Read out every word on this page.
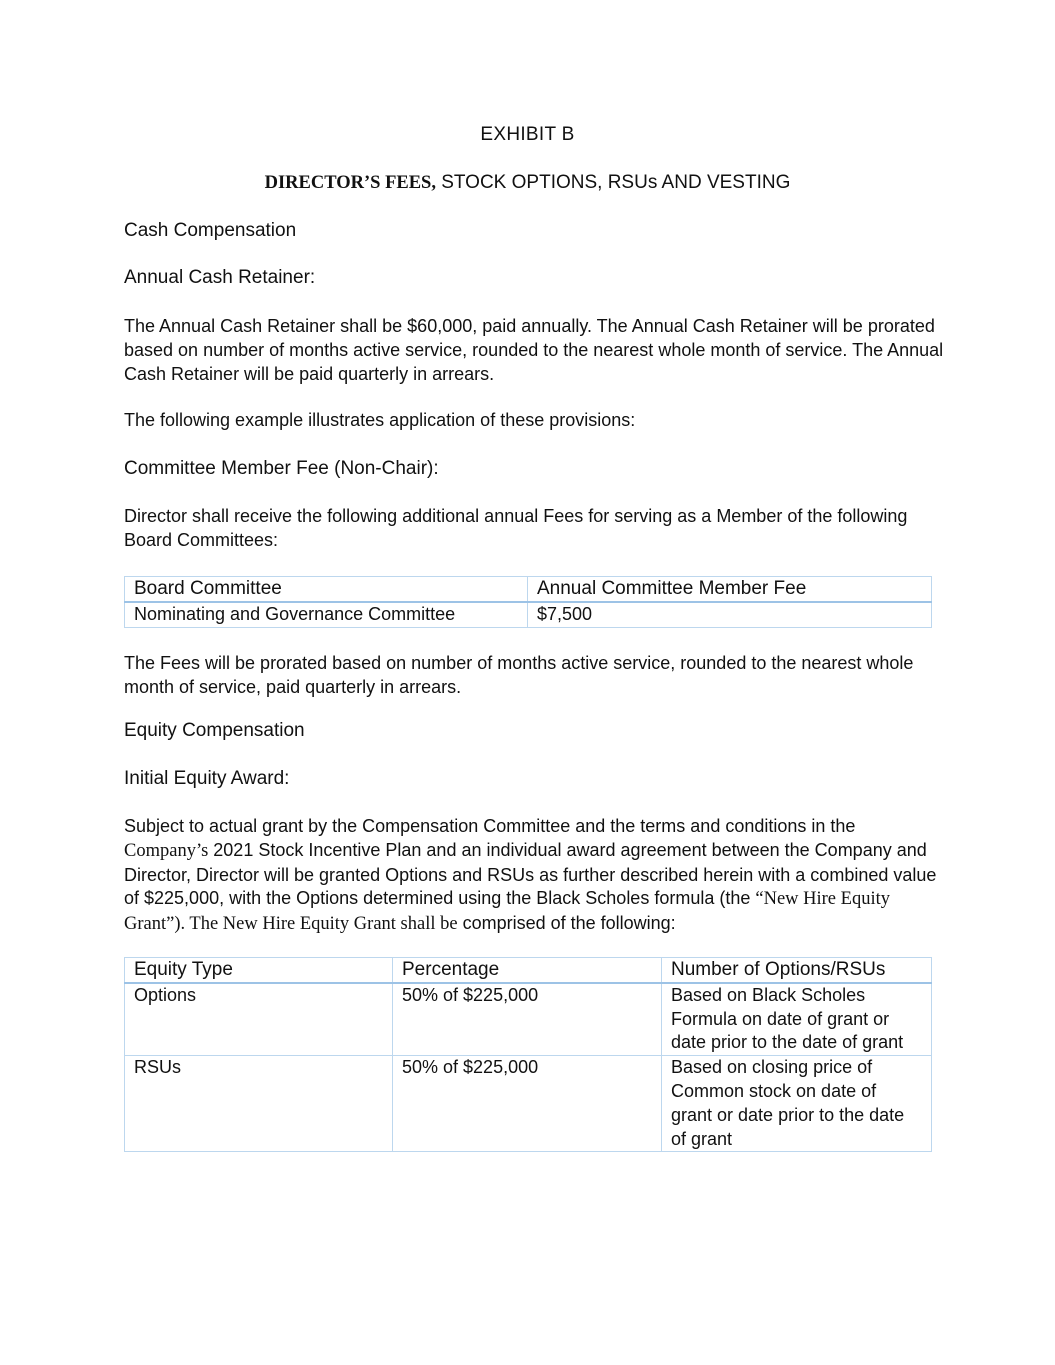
EXHIBIT B
DIRECTOR’S FEES, STOCK OPTIONS, RSUs AND VESTING
Cash Compensation
Annual Cash Retainer:
The Annual Cash Retainer shall be $60,000, paid annually. The Annual Cash Retainer will be prorated based on number of months active service, rounded to the nearest whole month of service. The Annual Cash Retainer will be paid quarterly in arrears.
The following example illustrates application of these provisions:
Committee Member Fee (Non-Chair):
Director shall receive the following additional annual Fees for serving as a Member of the following Board Committees:
Board Committee	Annual Committee Member Fee
Nominating and Governance Committee	$7,500
The Fees will be prorated based on number of months active service, rounded to the nearest whole month of service, paid quarterly in arrears.
Equity Compensation
Initial Equity Award:
Subject to actual grant by the Compensation Committee and the terms and conditions in the Company’s 2021 Stock Incentive Plan and an individual award agreement between the Company and Director, Director will be granted Options and RSUs as further described herein with a combined value of $225,000, with the Options determined using the Black Scholes formula (the “New Hire Equity Grant”). The New Hire Equity Grant shall be comprised of the following:
Equity Type	Percentage	Number of Options/RSUs
Options	50% of $225,000	Based on Black Scholes Formula on date of grant or date prior to the date of grant
RSUs	50% of $225,000	Based on closing price of Common stock on date of grant or date prior to the date of grant
